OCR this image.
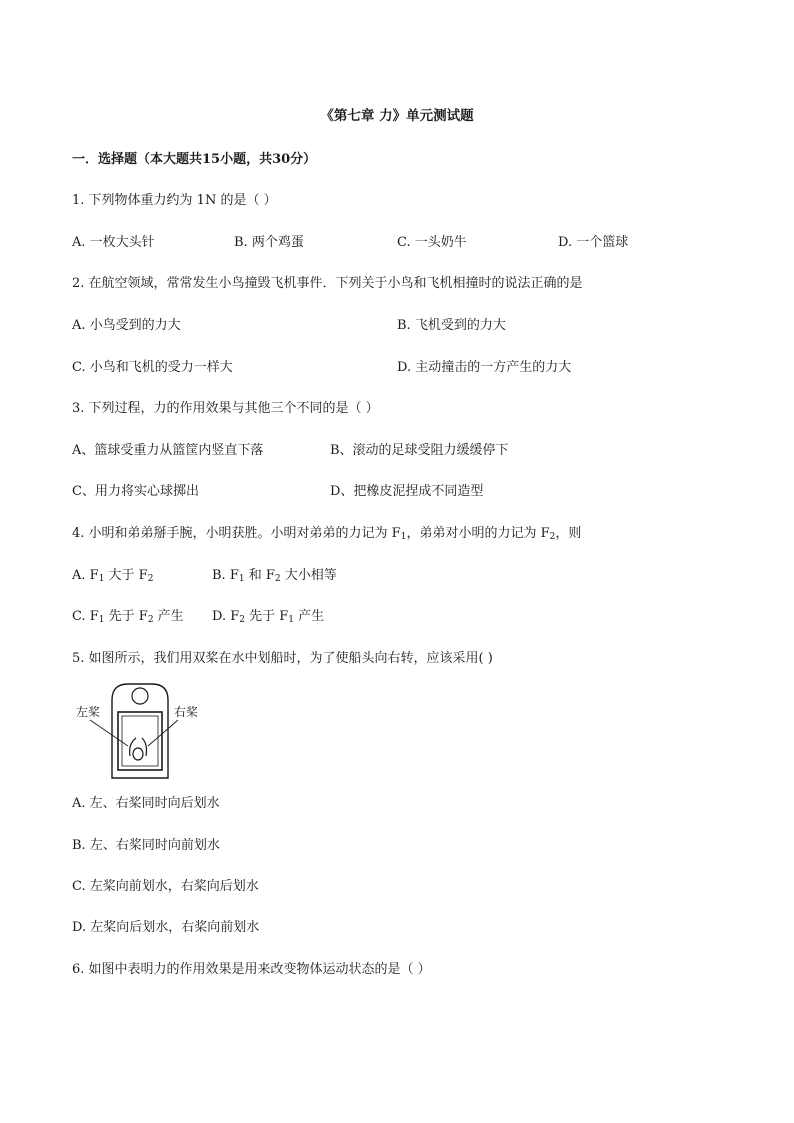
《第七章 力》单元测试题
一．选择题（本大题共15小题，共30分）
1. 下列物体重力约为 1N 的是（ ）
A. 一枚大头针	B. 两个鸡蛋	C. 一头奶牛	D. 一个篮球
2. 在航空领域，常常发生小鸟撞毁飞机事件．下列关于小鸟和飞机相撞时的说法正确的是
A. 小鸟受到的力大	B. 飞机受到的力大
C. 小鸟和飞机的受力一样大	D. 主动撞击的一方产生的力大
3. 下列过程，力的作用效果与其他三个不同的是（ ）
A、篮球受重力从篮筐内竖直下落	B、滚动的足球受阻力缓缓停下
C、用力将实心球掷出	D、把橡皮泥捏成不同造型
4. 小明和弟弟掰手腕，小明获胜。小明对弟弟的力记为 $F_1$，弟弟对小明的力记为 $F_2$，则
A. $F_1$ 大于 $F_2$	B. $F_1$ 和 $F_2$ 大小相等
C. $F_1$ 先于 $F_2$ 产生 D. $F_2$ 先于 $F_1$ 产生
5. 如图所示，我们用双桨在水中划船时，为了使船头向右转，应该采用( )
左桨	右桨
A. 左、右桨同时向后划水
B. 左、右桨同时向前划水
C. 左桨向前划水，右桨向后划水
D. 左桨向后划水，右桨向前划水
6. 如图中表明力的作用效果是用来改变物体运动状态的是（ ）
